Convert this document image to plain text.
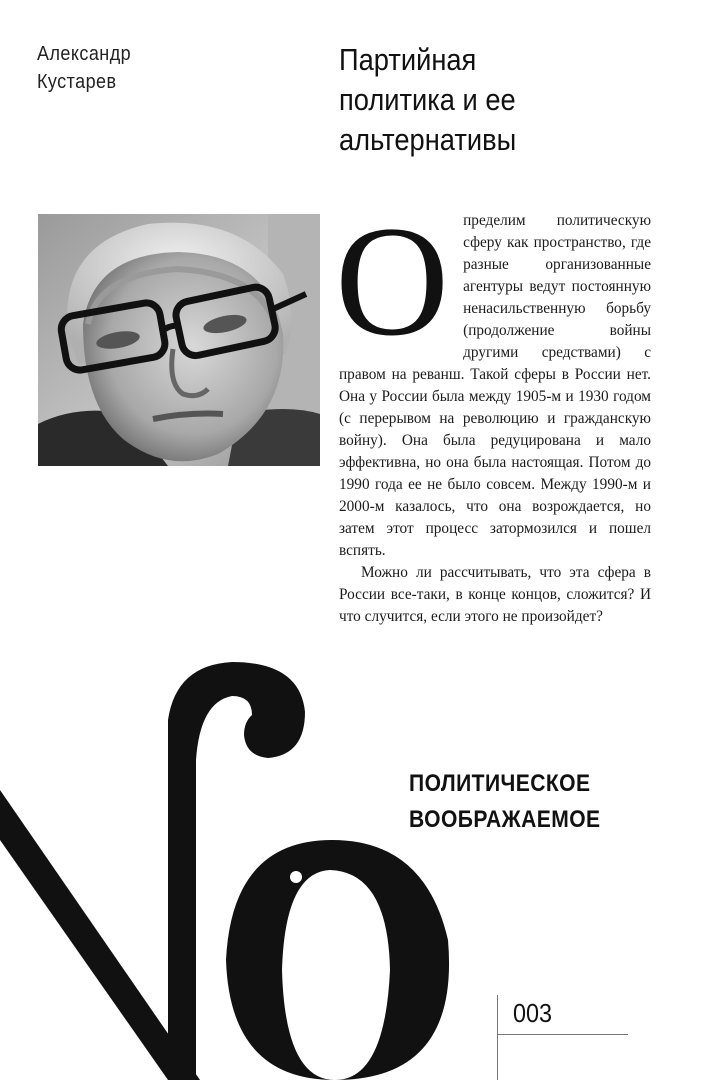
Александр
Кустарев
Партийная
политика и ее
альтернативы

Определим политическую сферу как пространство, где разные организованные агентуры ведут постоянную ненасильственную борьбу (продолжение войны другими средствами) с правом на реванш. Такой сферы в России нет. Она у России была между 1905-м и 1930 годом (с перерывом на революцию и гражданскую войну). Она была редуцирована и мало эффективна, но она была настоящая. Потом до 1990 года ее не было совсем. Между 1990-м и 2000-м казалось, что она возрождается, но затем этот процесс затормозился и пошел вспять.

Можно ли рассчитывать, что эта сфера в России все-таки, в конце концов, сложится? И что случится, если этого не произойдет?

ПОЛИТИЧЕСКОЕ
ВООБРАЖАЕМОЕ
003
